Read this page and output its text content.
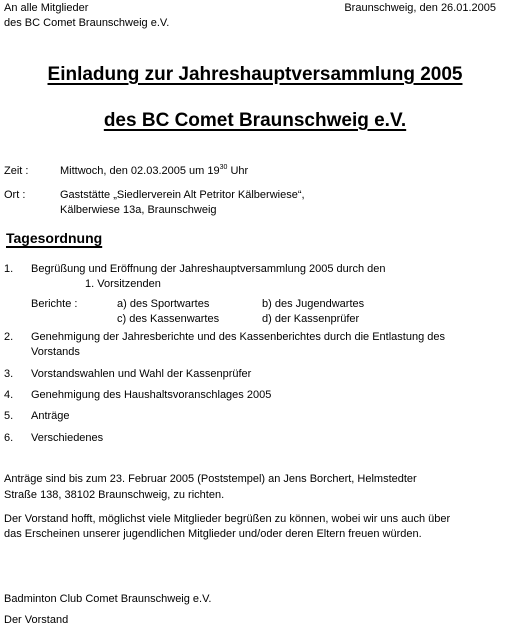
An alle Mitglieder
des BC Comet Braunschweig e.V.
Braunschweig, den 26.01.2005
Einladung zur Jahreshauptversammlung 2005
des BC Comet Braunschweig e.V.
Zeit :	Mittwoch, den 02.03.2005 um $19^{30}$ Uhr
Ort :	Gaststätte „Siedlerverein Alt Petritor Kälberwiese“,
Kälberwiese 13a, Braunschweig
Tagesordnung
1. Begrüßung und Eröffnung der Jahreshauptversammlung 2005 durch den
1. Vorsitzenden
Berichte :	a) des Sportwartes	b) des Jugendwartes
c) des Kassenwartes	d) der Kassenprüfer
2. Genehmigung der Jahresberichte und des Kassenberichtes durch die Entlastung des
Vorstands
3. Vorstandswahlen und Wahl der Kassenprüfer
4. Genehmigung des Haushaltsvoranschlages 2005
5. Anträge
6. Verschiedenes
Anträge sind bis zum 23. Februar 2005 (Poststempel) an Jens Borchert, Helmstedter
Straße 138, 38102 Braunschweig, zu richten.
Der Vorstand hofft, möglichst viele Mitglieder begrüßen zu können, wobei wir uns auch über
das Erscheinen unserer jugendlichen Mitglieder und/oder deren Eltern freuen würden.
Badminton Club Comet Braunschweig e.V.
Der Vorstand
